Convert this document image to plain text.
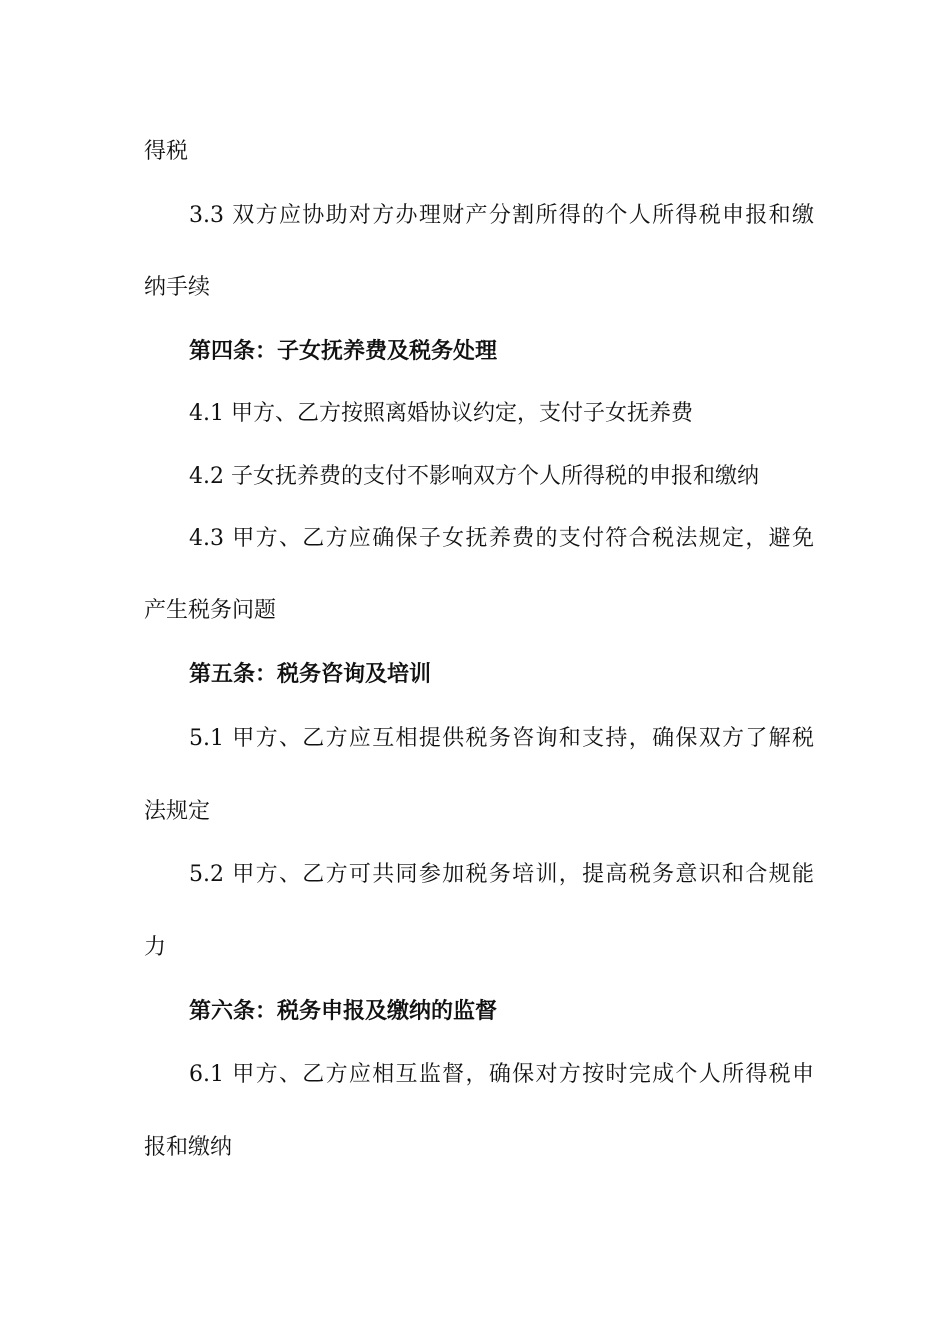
得税
3.3 双方应协助对方办理财产分割所得的个人所得税申报和缴
纳手续
第四条：子女抚养费及税务处理
4.1 甲方、乙方按照离婚协议约定，支付子女抚养费
4.2 子女抚养费的支付不影响双方个人所得税的申报和缴纳
4.3 甲方、乙方应确保子女抚养费的支付符合税法规定，避免
产生税务问题
第五条：税务咨询及培训
5.1 甲方、乙方应互相提供税务咨询和支持，确保双方了解税
法规定
5.2 甲方、乙方可共同参加税务培训，提高税务意识和合规能
力
第六条：税务申报及缴纳的监督
6.1 甲方、乙方应相互监督，确保对方按时完成个人所得税申
报和缴纳
